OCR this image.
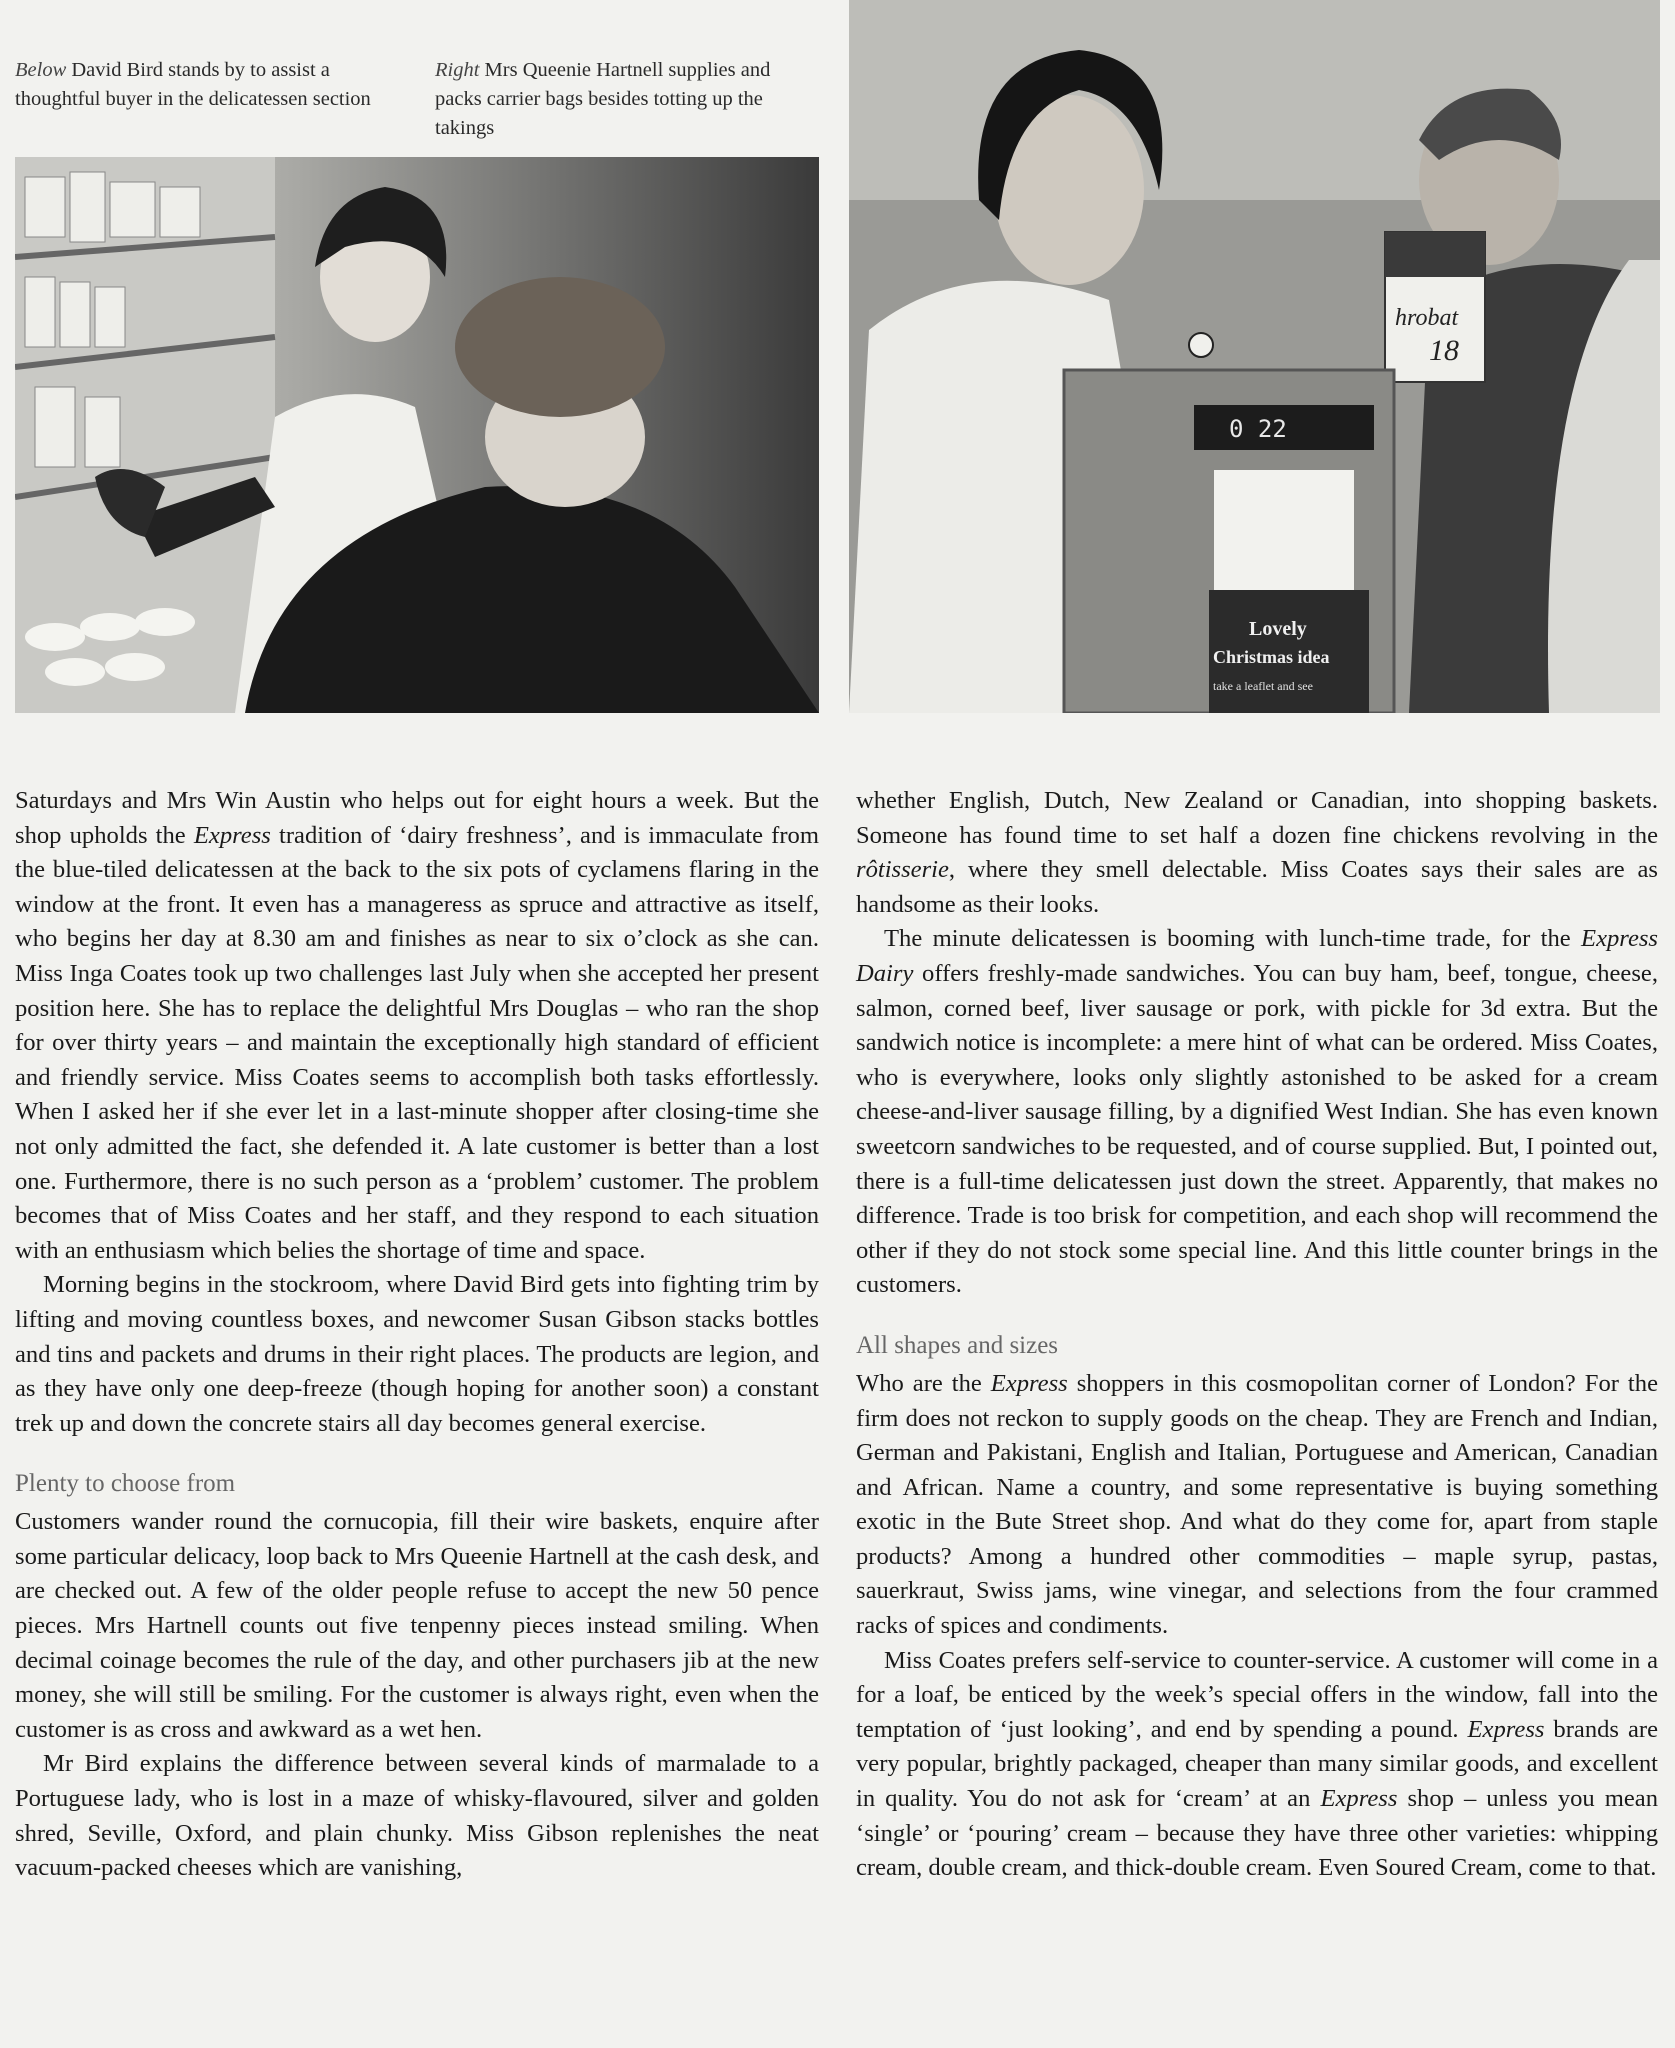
Below David Bird stands by to assist a thoughtful buyer in the delicatessen section
Right Mrs Queenie Hartnell supplies and packs carrier bags besides totting up the takings
hrobat
18
0 22
Lovely
Christmas idea
take a leaflet and see

Saturdays and Mrs Win Austin who helps out for eight hours a week. But the shop upholds the Express tradition of ‘dairy freshness’, and is immaculate from the blue-tiled delicatessen at the back to the six pots of cyclamens flaring in the window at the front. It even has a manageress as spruce and attractive as itself, who begins her day at 8.30 am and finishes as near to six o’clock as she can. Miss Inga Coates took up two challenges last July when she accepted her present position here. She has to replace the delightful Mrs Douglas – who ran the shop for over thirty years – and maintain the exceptionally high standard of efficient and friendly service. Miss Coates seems to accomplish both tasks effortlessly. When I asked her if she ever let in a last-minute shopper after closing-time she not only admitted the fact, she defended it. A late customer is better than a lost one. Furthermore, there is no such person as a ‘problem’ customer. The problem becomes that of Miss Coates and her staff, and they respond to each situation with an enthusiasm which belies the shortage of time and space.

Morning begins in the stockroom, where David Bird gets into fighting trim by lifting and moving countless boxes, and newcomer Susan Gibson stacks bottles and tins and packets and drums in their right places. The products are legion, and as they have only one deep-freeze (though hoping for another soon) a constant trek up and down the concrete stairs all day becomes general exercise.

Plenty to choose from

Customers wander round the cornucopia, fill their wire baskets, enquire after some particular delicacy, loop back to Mrs Queenie Hartnell at the cash desk, and are checked out. A few of the older people refuse to accept the new 50 pence pieces. Mrs Hartnell counts out five tenpenny pieces instead smiling. When decimal coinage becomes the rule of the day, and other purchasers jib at the new money, she will still be smiling. For the customer is always right, even when the customer is as cross and awkward as a wet hen.

Mr Bird explains the difference between several kinds of marmalade to a Portuguese lady, who is lost in a maze of whisky-flavoured, silver and golden shred, Seville, Oxford, and plain chunky. Miss Gibson replenishes the neat vacuum-packed cheeses which are vanishing,

whether English, Dutch, New Zealand or Canadian, into shopping baskets. Someone has found time to set half a dozen fine chickens revolving in the rôtisserie, where they smell delectable. Miss Coates says their sales are as handsome as their looks.

The minute delicatessen is booming with lunch-time trade, for the Express Dairy offers freshly-made sandwiches. You can buy ham, beef, tongue, cheese, salmon, corned beef, liver sausage or pork, with pickle for 3d extra. But the sandwich notice is incomplete: a mere hint of what can be ordered. Miss Coates, who is everywhere, looks only slightly astonished to be asked for a cream cheese-and-liver sausage filling, by a dignified West Indian. She has even known sweetcorn sandwiches to be requested, and of course supplied. But, I pointed out, there is a full-time delicatessen just down the street. Apparently, that makes no difference. Trade is too brisk for competition, and each shop will recommend the other if they do not stock some special line. And this little counter brings in the customers.

All shapes and sizes

Who are the Express shoppers in this cosmopolitan corner of London? For the firm does not reckon to supply goods on the cheap. They are French and Indian, German and Pakistani, English and Italian, Portuguese and American, Canadian and African. Name a country, and some representative is buying something exotic in the Bute Street shop. And what do they come for, apart from staple products? Among a hundred other commodities – maple syrup, pastas, sauerkraut, Swiss jams, wine vinegar, and selections from the four crammed racks of spices and condiments.

Miss Coates prefers self-service to counter-service. A customer will come in a for a loaf, be enticed by the week’s special offers in the window, fall into the temptation of ‘just looking’, and end by spending a pound. Express brands are very popular, brightly packaged, cheaper than many similar goods, and excellent in quality. You do not ask for ‘cream’ at an Express shop – unless you mean ‘single’ or ‘pouring’ cream – because they have three other varieties: whipping cream, double cream, and thick-double cream. Even Soured Cream, come to that.
